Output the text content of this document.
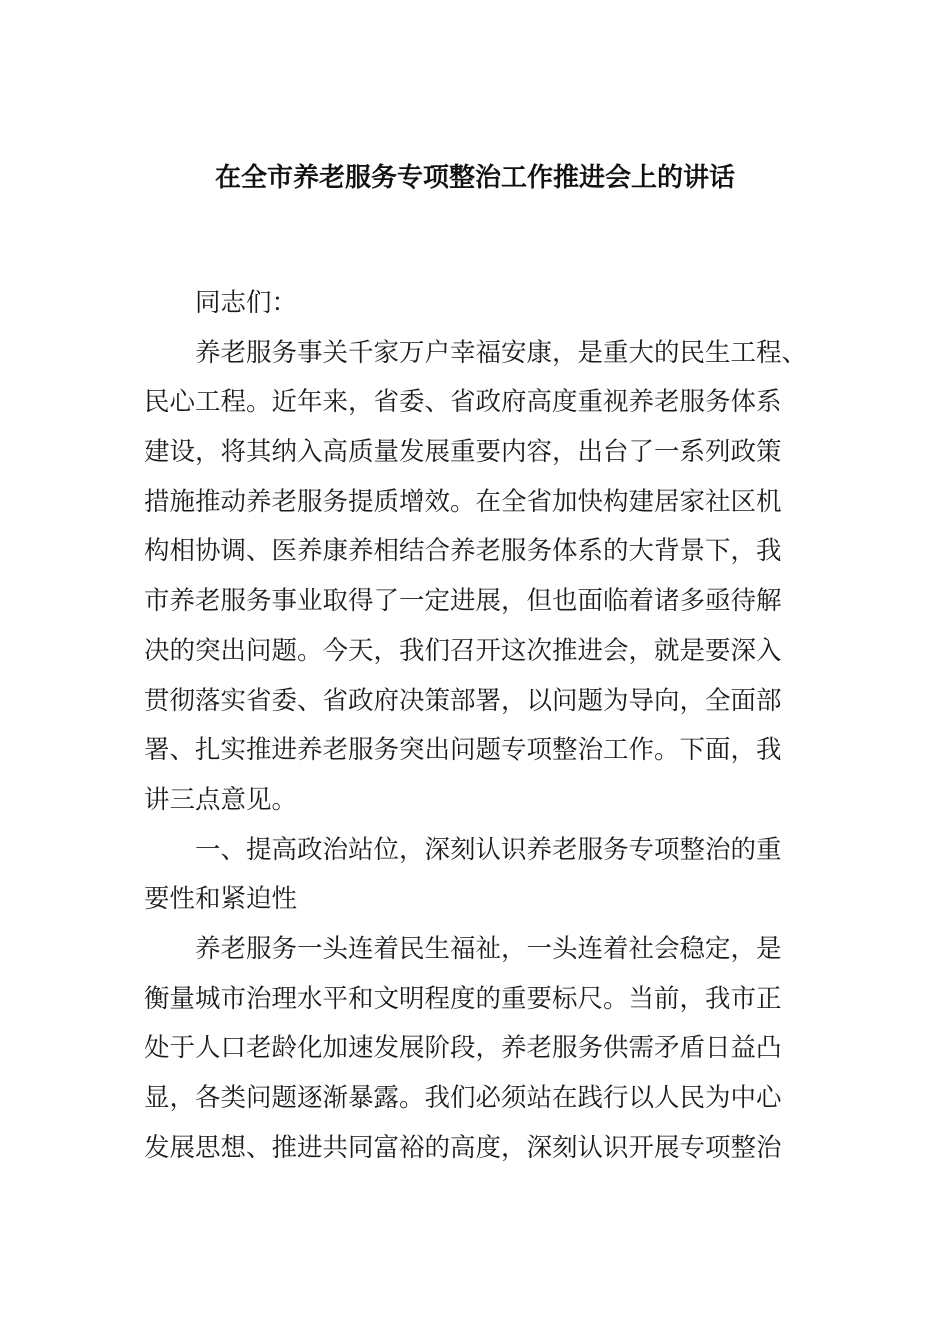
在全市养老服务专项整治工作推进会上的讲话
同志们：
养老服务事关千家万户幸福安康，是重大的民生工程、
民心工程。近年来，省委、省政府高度重视养老服务体系
建设，将其纳入高质量发展重要内容，出台了一系列政策
措施推动养老服务提质增效。在全省加快构建居家社区机
构相协调、医养康养相结合养老服务体系的大背景下，我
市养老服务事业取得了一定进展，但也面临着诸多亟待解
决的突出问题。今天，我们召开这次推进会，就是要深入
贯彻落实省委、省政府决策部署，以问题为导向，全面部
署、扎实推进养老服务突出问题专项整治工作。下面，我
讲三点意见。
一、提高政治站位，深刻认识养老服务专项整治的重
要性和紧迫性
养老服务一头连着民生福祉，一头连着社会稳定，是
衡量城市治理水平和文明程度的重要标尺。当前，我市正
处于人口老龄化加速发展阶段，养老服务供需矛盾日益凸
显，各类问题逐渐暴露。我们必须站在践行以人民为中心
发展思想、推进共同富裕的高度，深刻认识开展专项整治
